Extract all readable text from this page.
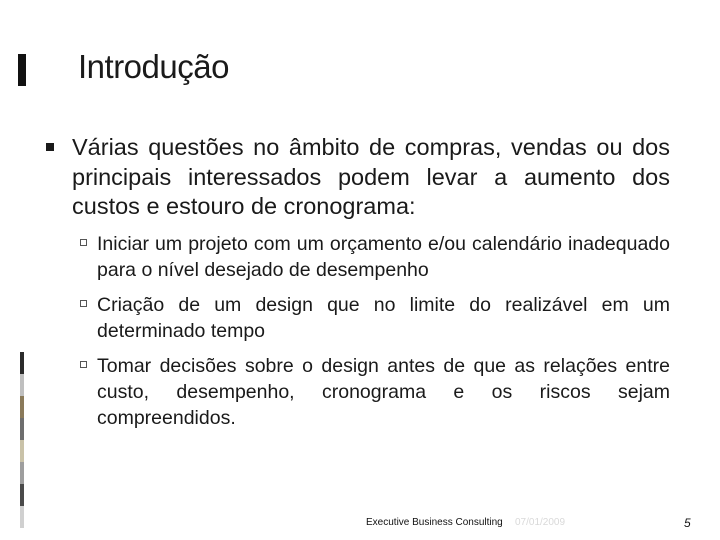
Introdução
Várias questões no âmbito de compras, vendas ou dos principais interessados podem levar a aumento dos custos e estouro de cronograma:
Iniciar um projeto com um orçamento e/ou calendário inadequado para o nível desejado de desempenho
Criação de um design que no limite do realizável em um determinado tempo
Tomar decisões sobre o design antes de que as relações entre custo, desempenho, cronograma e os riscos sejam compreendidos.
Executive Business Consulting 07/01/2009	5
